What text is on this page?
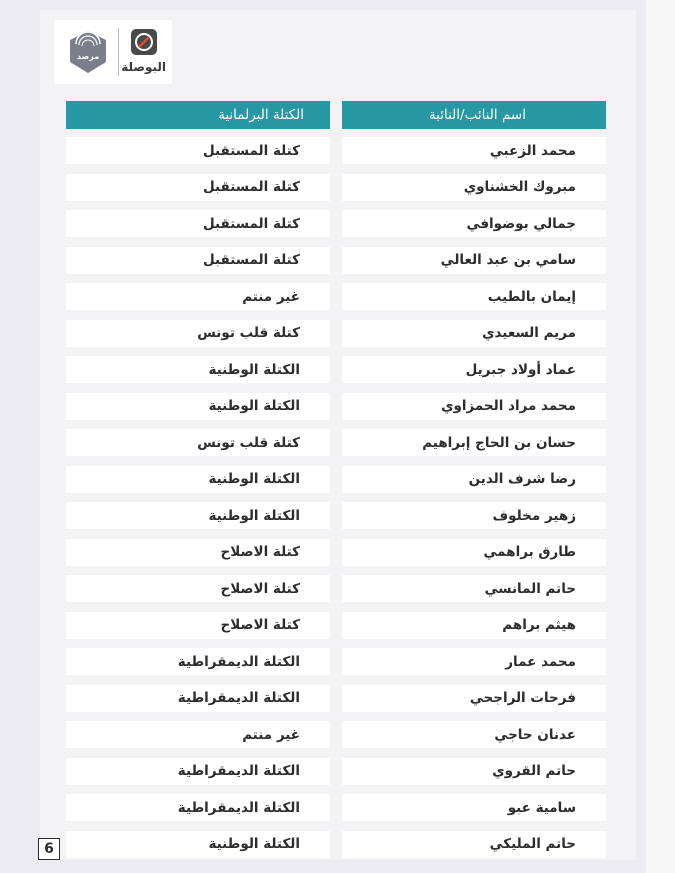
مرصد
البوصلة
اسم النائب/النائبة
الكتلة البرلمانية
محمد الزعبي
كتلة المستقبل
مبروك الخشناوي
كتلة المستقبل
جمالي بوضوافي
كتلة المستقبل
سامي بن عبد العالي
كتلة المستقبل
إيمان بالطيب
غير منتم
مريم السعيدي
كتلة قلب تونس
عماد أولاد جبريل
الكتلة الوطنية
محمد مراد الحمزاوي
الكتلة الوطنية
حسان بن الحاج إبراهيم
كتلة قلب تونس
رضا شرف الدين
الكتلة الوطنية
زهير مخلوف
الكتلة الوطنية
طارق براهمي
كتلة الاصلاح
حاتم المانسي
كتلة الاصلاح
هيثم براهم
كتلة الاصلاح
محمد عمار
الكتلة الديمقراطية
فرحات الراجحي
الكتلة الديمقراطية
عدنان حاجي
غير منتم
حاتم القروي
الكتلة الديمقراطية
سامية عبو
الكتلة الديمقراطية
حاتم المليكي
الكتلة الوطنية
6
